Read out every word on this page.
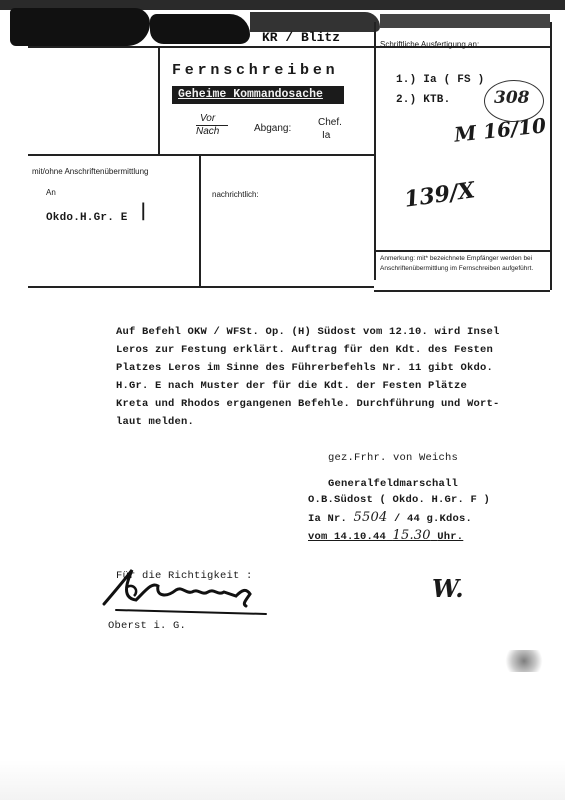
KR / Blitz
Fernschreiben
Geheime Kommandosache
Vor
Nach	Abgang:
Chef.
Ia
Schriftliche Ausfertigung an:
1.) Ia ( FS )
2.) KTB.	308
M 16/10
mit/ohne Anschriftenübermittlung
An
Okdo.H.Gr. E |
nachrichtlich:	139/X
Anmerkung: mit* bezeichnete Empfänger werden bei
Anschriftenübermittlung im Fernschreiben aufgeführt.
Auf Befehl OKW / WFSt. Op. (H) Südost vom 12.10. wird Insel
Leros zur Festung erklärt. Auftrag für den Kdt. des Festen
Platzes Leros im Sinne des Führerbefehls Nr. 11 gibt Okdo.
H.Gr. E nach Muster der für die Kdt. der Festen Plätze
Kreta und Rhodos ergangenen Befehle. Durchführung und Wort-
laut melden.
gez.Frhr. von Weichs
Generalfeldmarschall
O.B.Südost ( Okdo. H.Gr. F )
Ia Nr. 5504 / 44 g.Kdos.
vom 14.10.44 15.30 Uhr.
Für die Richtigkeit :
Oberst i. G.
W.
